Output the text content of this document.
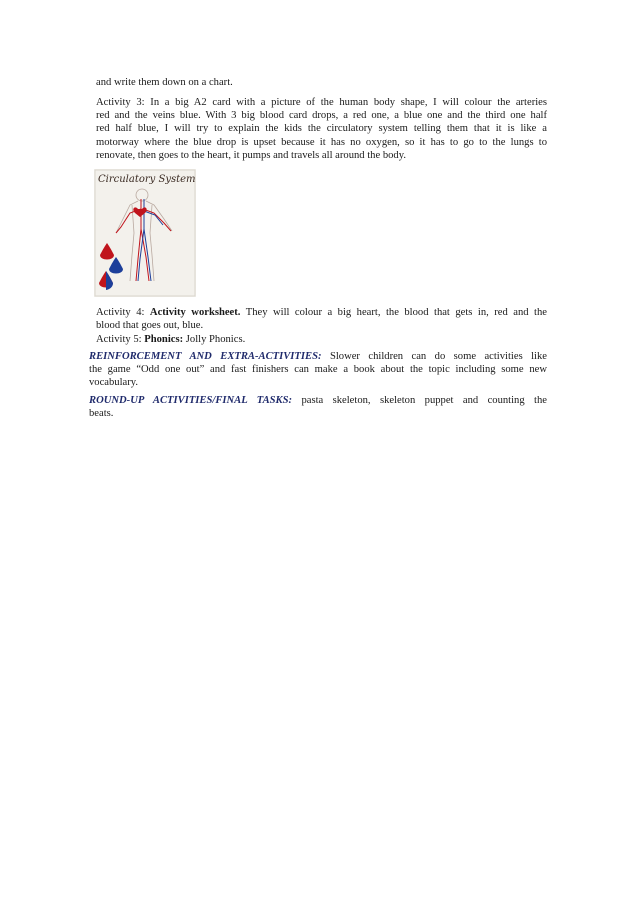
and write them down on a chart.

Activity 3: In a big A2 card with a picture of the human body shape, I will colour the arteries
red and the veins blue. With 3 big blood card drops, a red one, a blue one and the third one half
red half blue, I will try to explain the kids the circulatory system telling them that it is like a
motorway where the blue drop is upset because it has no oxygen, so it has to go to the lungs to
renovate, then goes to the heart, it pumps and travels all around the body.

Circulatory System

Activity 4: Activity worksheet. They will colour a big heart, the blood that gets in, red and the
blood that goes out, blue.

Activity 5: Phonics: Jolly Phonics.

REINFORCEMENT AND EXTRA-ACTIVITIES: Slower children can do some activities like
the game “Odd one out” and fast finishers can make a book about the topic including some new
vocabulary.

ROUND-UP ACTIVITIES/FINAL TASKS: pasta skeleton, skeleton puppet and counting the
beats.
